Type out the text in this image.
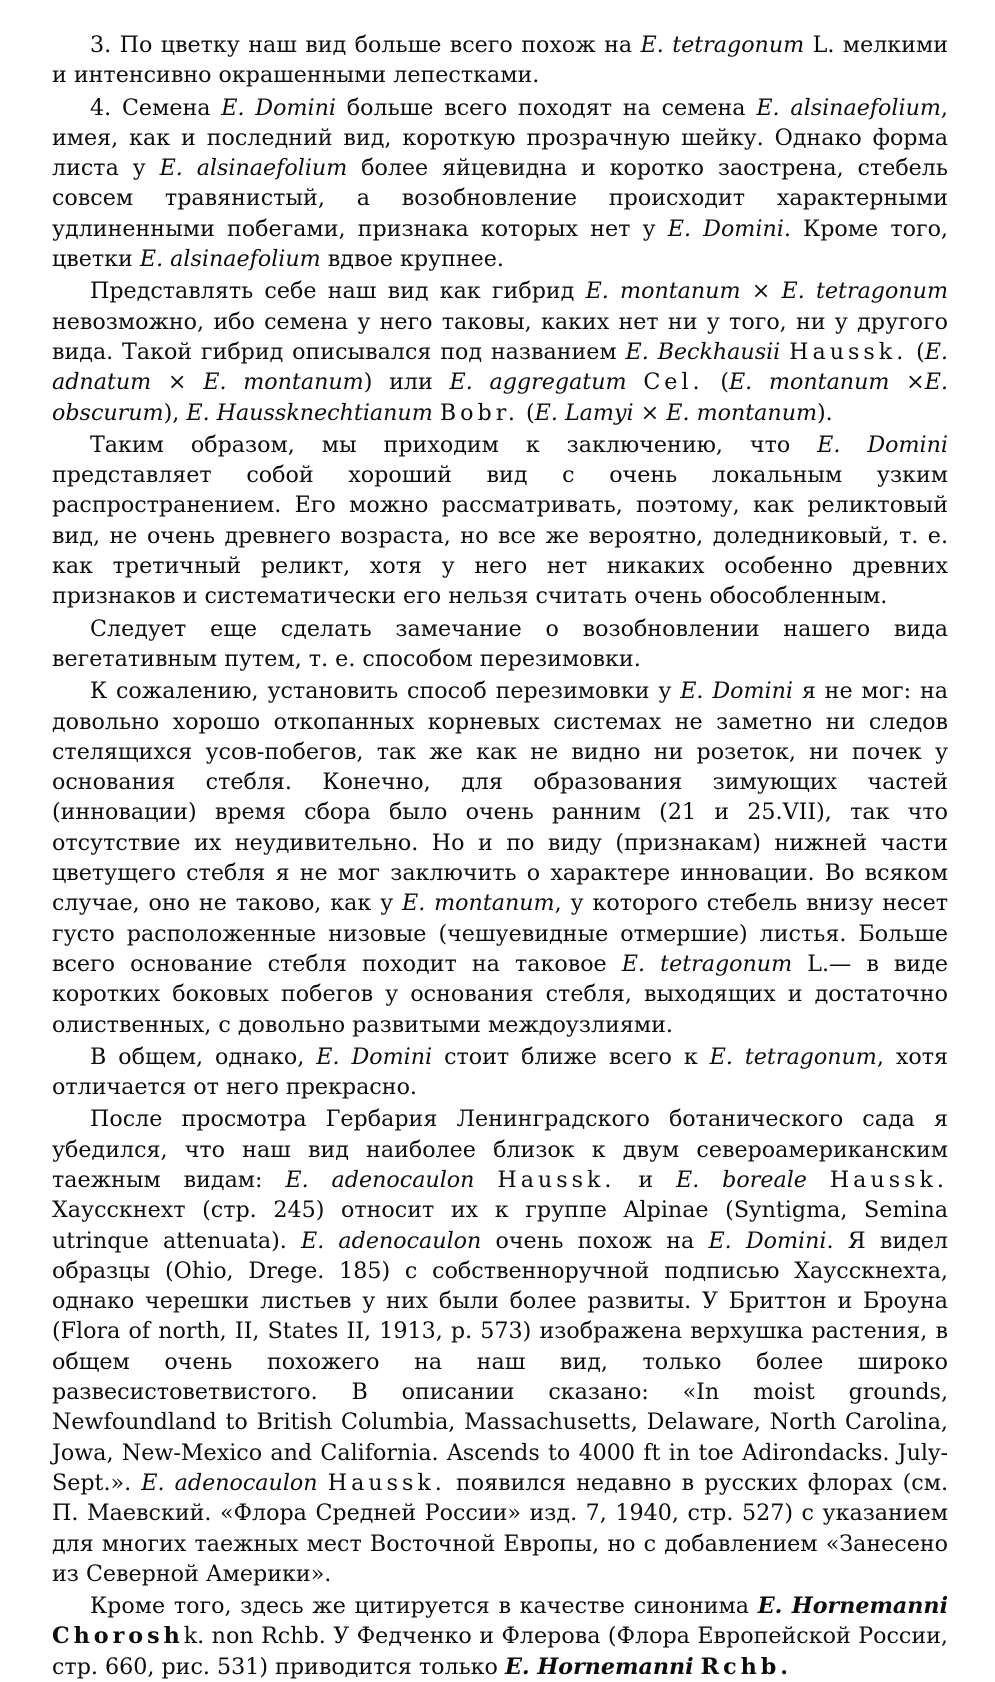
3. По цветку наш вид больше всего похож на E. tetragonum L. мелкими и интенсивно окрашенными лепестками.

4. Семена E. Domini больше всего походят на семена E. alsinaefolium, имея, как и последний вид, короткую прозрачную шейку. Однако форма листа у E. alsinaefolium более яйцевидна и коротко заострена, стебель совсем травянистый, а возобновление происходит характерными удлиненными побегами, признака которых нет у E. Domini. Кроме того, цветки E. alsinaefolium вдвое крупнее.

Представлять себе наш вид как гибрид E. montanum × E. tetragonum невозможно, ибо семена у него таковы, каких нет ни у того, ни у другого вида. Такой гибрид описывался под названием E. Beckhausii Haussk. (E. adnatum × E. montanum) или E. aggregatum Cel. (E. montanum ×E. obscurum), E. Hausskneсhtianum Bobr. (E. Lamyi × E. montanum).

Таким образом, мы приходим к заключению, что E. Domini представляет собой хороший вид с очень локальным узким распространением. Его можно рассматривать, поэтому, как реликтовый вид, не очень древнего возраста, но все же вероятно, доледниковый, т. е. как третичный реликт, хотя у него нет никаких особенно древних признаков и систематически его нельзя считать очень обособленным.

Следует еще сделать замечание о возобновлении нашего вида вегетативным путем, т. е. способом перезимовки.

К сожалению, установить способ перезимовки у E. Domini я не мог: на довольно хорошо откопанных корневых системах не заметно ни следов стелящихся усов-побегов, так же как не видно ни розеток, ни почек у основания стебля. Конечно, для образования зимующих частей (инновации) время сбора было очень ранним (21 и 25.VII), так что отсутствие их неудивительно. Но и по виду (признакам) нижней части цветущего стебля я не мог заключить о характере инновации. Во всяком случае, оно не таково, как у E. montanum, у которого стебель внизу несет густо расположенные низовые (чешуевидные отмершие) листья. Больше всего основание стебля походит на таковое E. tetragonum L.— в виде коротких боковых побегов у основания стебля, выходящих и достаточно олиственных, с довольно развитыми междоузлиями.

В общем, однако, E. Domini стоит ближе всего к E. tetragonum, хотя отличается от него прекрасно.

После просмотра Гербария Ленинградского ботанического сада я убедился, что наш вид наиболее близок к двум североамериканским таежным видам: E. adenocaulon Haussk. и E. boreale Haussk. Хаусскнехт (стр. 245) относит их к группе Alpinae (Syntigma, Semina utrinque attenuata). E. adenocaulon очень похож на E. Domini. Я видел образцы (Ohio, Drege. 185) с собственноручной подписью Хаусскнехта, однако черешки листьев у них были более развиты. У Бриттон и Броуна (Flora of north, II, States II, 1913, p. 573) изображена верхушка растения, в общем очень похожего на наш вид, только более широко развесистоветвистого. В описании сказано: «In moist grounds, Newfoundland to British Columbia, Massachusetts, Delaware, North Carolina, Jowa, New-Mexico and California. Ascends to 4000 ft in toe Adirondacks. July-Sept.». E. adenocaulon Haussk. появился недавно в русских флорах (см. П. Маевский. «Флора Средней России» изд. 7, 1940, стр. 527) с указанием для многих таежных мест Восточной Европы, но с добавлением «Занесено из Северной Америки».

Кроме того, здесь же цитируется в качестве синонима E. Hornemanni Choroshk. non Rchb. У Федченко и Флерова (Флора Европейской России, стр. 660, рис. 531) приводится только E. Hornemanni Rchb.
